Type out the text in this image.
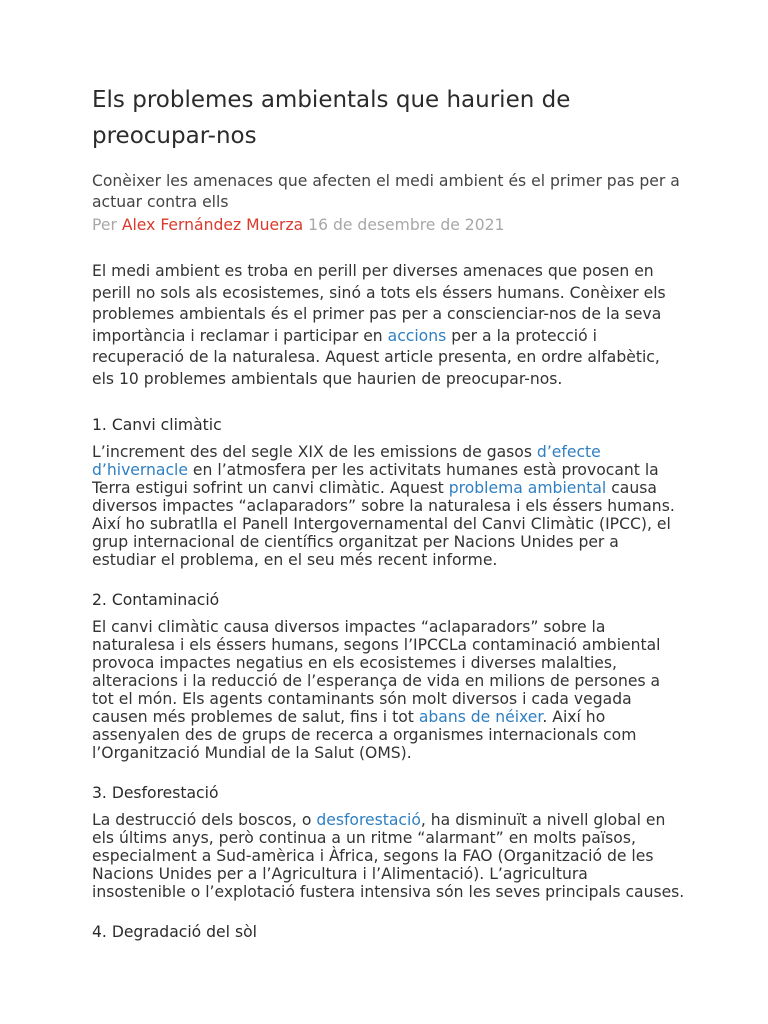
Els problemes ambientals que haurien de preocupar-nos

Conèixer les amenaces que afecten el medi ambient és el primer pas per a actuar contra ells

Per Alex Fernández Muerza 16 de desembre de 2021

El medi ambient es troba en perill per diverses amenaces que posen en perill no sols als ecosistemes, sinó a tots els éssers humans. Conèixer els problemes ambientals és el primer pas per a conscienciar-nos de la seva importància i reclamar i participar en accions per a la protecció i recuperació de la naturalesa. Aquest article presenta, en ordre alfabètic, els 10 problemes ambientals que haurien de preocupar-nos.

1. Canvi climàtic

L’increment des del segle XIX de les emissions de gasos d’efecte d’hivernacle en l’atmosfera per les activitats humanes està provocant la Terra estigui sofrint un canvi climàtic. Aquest problema ambiental causa diversos impactes “aclaparadors” sobre la naturalesa i els éssers humans. Així ho subratlla el Panell Intergovernamental del Canvi Climàtic (IPCC), el grup internacional de científics organitzat per Nacions Unides per a estudiar el problema, en el seu més recent informe.

2. Contaminació

El canvi climàtic causa diversos impactes “aclaparadors” sobre la naturalesa i els éssers humans, segons l’IPCCLa contaminació ambiental provoca impactes negatius en els ecosistemes i diverses malalties, alteracions i la reducció de l’esperança de vida en milions de persones a tot el món. Els agents contaminants són molt diversos i cada vegada causen més problemes de salut, fins i tot abans de néixer. Així ho assenyalen des de grups de recerca a organismes internacionals com l’Organització Mundial de la Salut (OMS).

3. Desforestació

La destrucció dels boscos, o desforestació, ha disminuït a nivell global en els últims anys, però continua a un ritme “alarmant” en molts països, especialment a Sud-amèrica i Àfrica, segons la FAO (Organització de les Nacions Unides per a l’Agricultura i l’Alimentació). L’agricultura insostenible o l’explotació fustera intensiva són les seves principals causes.

4. Degradació del sòl
